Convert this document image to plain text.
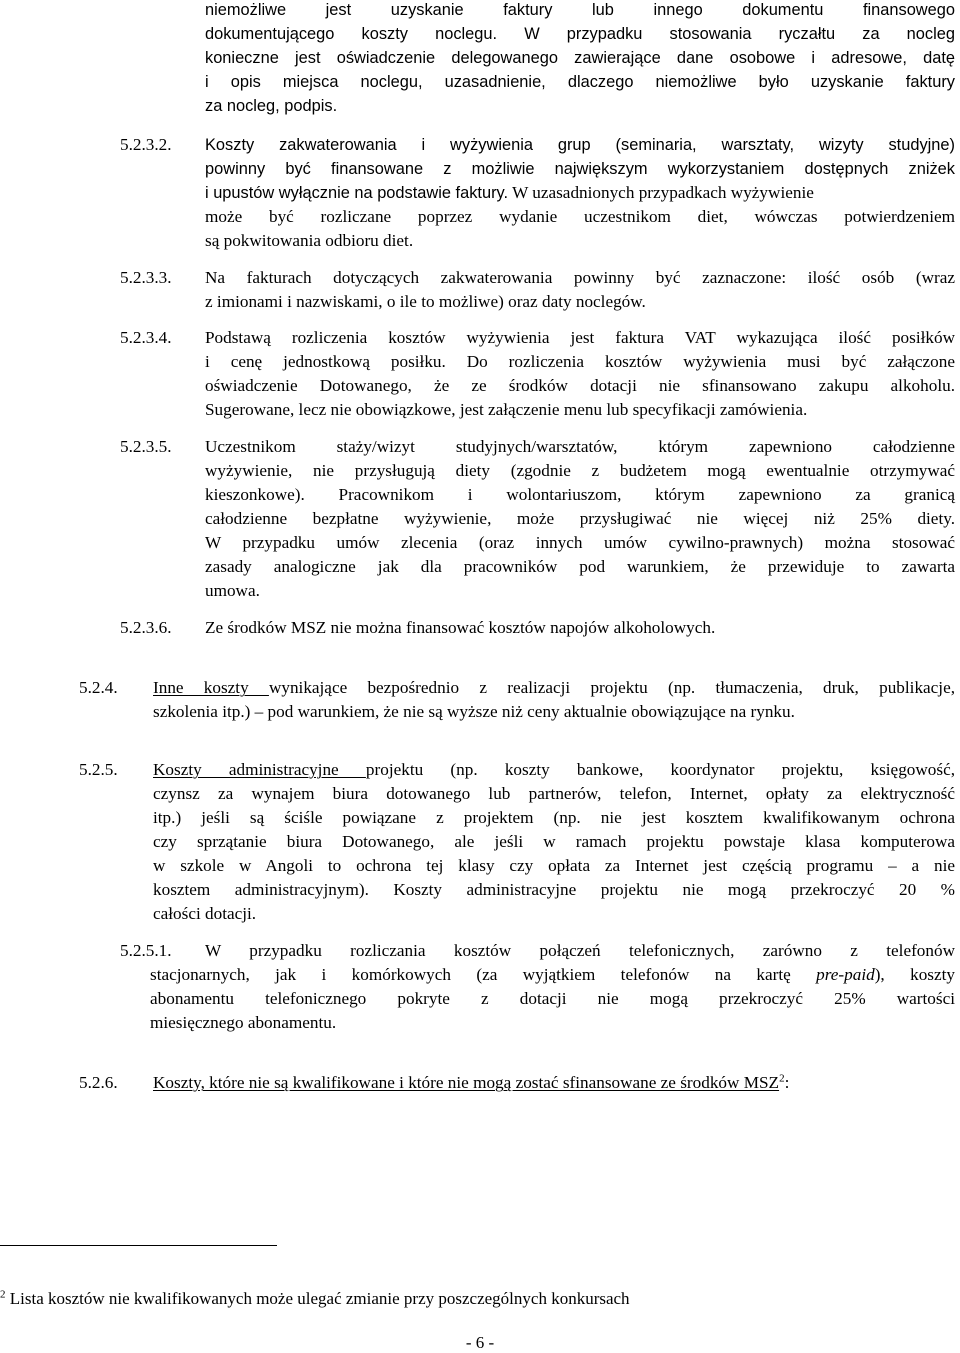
niemożliwe jest uzyskanie faktury lub innego dokumentu finansowego
dokumentującego koszty noclegu. W przypadku stosowania ryczałtu za nocleg
konieczne jest oświadczenie delegowanego zawierające dane osobowe i adresowe, datę
i opis miejsca noclegu, uzasadnienie, dlaczego niemożliwe było uzyskanie faktury
za nocleg, podpis.
5.2.3.2. Koszty zakwaterowania i wyżywienia grup (seminaria, warsztaty, wizyty studyjne)
powinny być finansowane z możliwie największym wykorzystaniem dostępnych zniżek
i upustów wyłącznie na podstawie faktury. W uzasadnionych przypadkach wyżywienie
może być rozliczane poprzez wydanie uczestnikom diet, wówczas potwierdzeniem
są pokwitowania odbioru diet.
5.2.3.3. Na fakturach dotyczących zakwaterowania powinny być zaznaczone: ilość osób (wraz
z imionami i nazwiskami, o ile to możliwe) oraz daty noclegów.
5.2.3.4. Podstawą rozliczenia kosztów wyżywienia jest faktura VAT wykazująca ilość posiłków
i cenę jednostkową posiłku. Do rozliczenia kosztów wyżywienia musi być załączone
oświadczenie Dotowanego, że ze środków dotacji nie sfinansowano zakupu alkoholu.
Sugerowane, lecz nie obowiązkowe, jest załączenie menu lub specyfikacji zamówienia.
5.2.3.5. Uczestnikom staży/wizyt studyjnych/warsztatów, którym zapewniono całodzienne
wyżywienie, nie przysługują diety (zgodnie z budżetem mogą ewentualnie otrzymywać
kieszonkowe). Pracownikom i wolontariuszom, którym zapewniono za granicą
całodzienne bezpłatne wyżywienie, może przysługiwać nie więcej niż 25% diety.
W przypadku umów zlecenia (oraz innych umów cywilno-prawnych) można stosować
zasady analogiczne jak dla pracowników pod warunkiem, że przewiduje to zawarta
umowa.
5.2.3.6. Ze środków MSZ nie można finansować kosztów napojów alkoholowych.
5.2.4. Inne koszty wynikające bezpośrednio z realizacji projektu (np. tłumaczenia, druk, publikacje,
szkolenia itp.) – pod warunkiem, że nie są wyższe niż ceny aktualnie obowiązujące na rynku.
5.2.5. Koszty administracyjne projektu (np. koszty bankowe, koordynator projektu, księgowość,
czynsz za wynajem biura dotowanego lub partnerów, telefon, Internet, opłaty za elektryczność
itp.) jeśli są ściśle powiązane z projektem (np. nie jest kosztem kwalifikowanym ochrona
czy sprzątanie biura Dotowanego, ale jeśli w ramach projektu powstaje klasa komputerowa
w szkole w Angoli to ochrona tej klasy czy opłata za Internet jest częścią programu – a nie
kosztem administracyjnym). Koszty administracyjne projektu nie mogą przekroczyć 20 %
całości dotacji.
5.2.5.1. W przypadku rozliczania kosztów połączeń telefonicznych, zarówno z telefonów
stacjonarnych, jak i komórkowych (za wyjątkiem telefonów na kartę pre-paid), koszty
abonamentu telefonicznego pokryte z dotacji nie mogą przekroczyć 25% wartości
miesięcznego abonamentu.
5.2.6. Koszty, które nie są kwalifikowane i które nie mogą zostać sfinansowane ze środków MSZ$^2$:
$^2$ Lista kosztów nie kwalifikowanych może ulegać zmianie przy poszczególnych konkursach
- 6 -
